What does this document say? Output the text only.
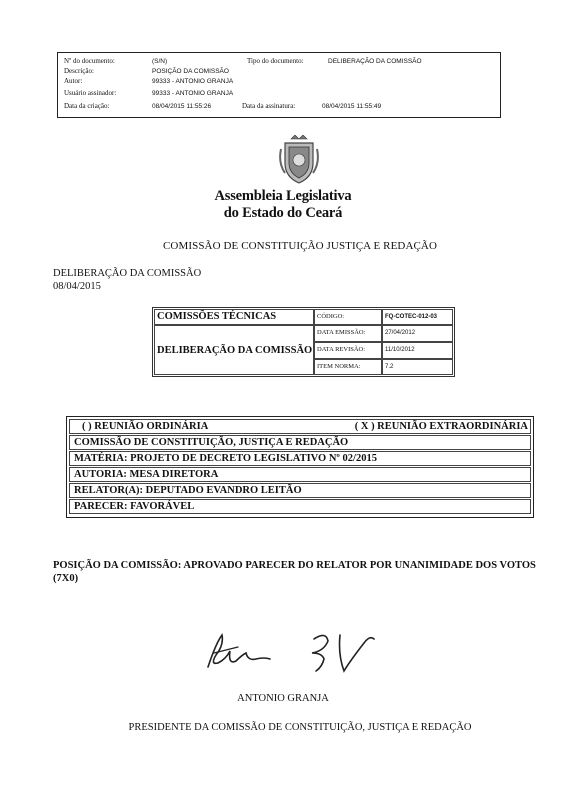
Nº do documento:	(S/N)	Tipo do documento:	DELIBERAÇÃO DA COMISSÃO
Descrição:	POSIÇÃO DA COMISSÃO
Autor:	99333 - ANTONIO GRANJA
Usuário assinador:	99333 - ANTONIO GRANJA
Data da criação:	08/04/2015 11:55:26	Data da assinatura:	08/04/2015 11:55:49
Assembleia Legislativa
do Estado do Ceará
COMISSÃO DE CONSTITUIÇÃO JUSTIÇA E REDAÇÃO
DELIBERAÇÃO DA COMISSÃO
08/04/2015
COMISSÕES TÉCNICAS
DELIBERAÇÃO DA COMISSÃO
CÓDIGO:	FQ-COTEC-012-03
DATA EMISSÃO:	27/04/2012
DATA REVISÃO:	11/10/2012
ITEM NORMA:	7.2
( ) REUNIÃO ORDINÁRIA	( X ) REUNIÃO EXTRAORDINÁRIA
COMISSÃO DE CONSTITUIÇÃO, JUSTIÇA E REDAÇÃO
MATÉRIA: PROJETO DE DECRETO LEGISLATIVO Nº 02/2015
AUTORIA: MESA DIRETORA
RELATOR(A): DEPUTADO EVANDRO LEITÃO
PARECER: FAVORÁVEL
POSIÇÃO DA COMISSÃO: APROVADO PARECER DO RELATOR POR UNANIMIDADE DOS VOTOS (7X0)
ANTONIO GRANJA
PRESIDENTE DA COMISSÃO DE CONSTITUIÇÃO, JUSTIÇA E REDAÇÃO
